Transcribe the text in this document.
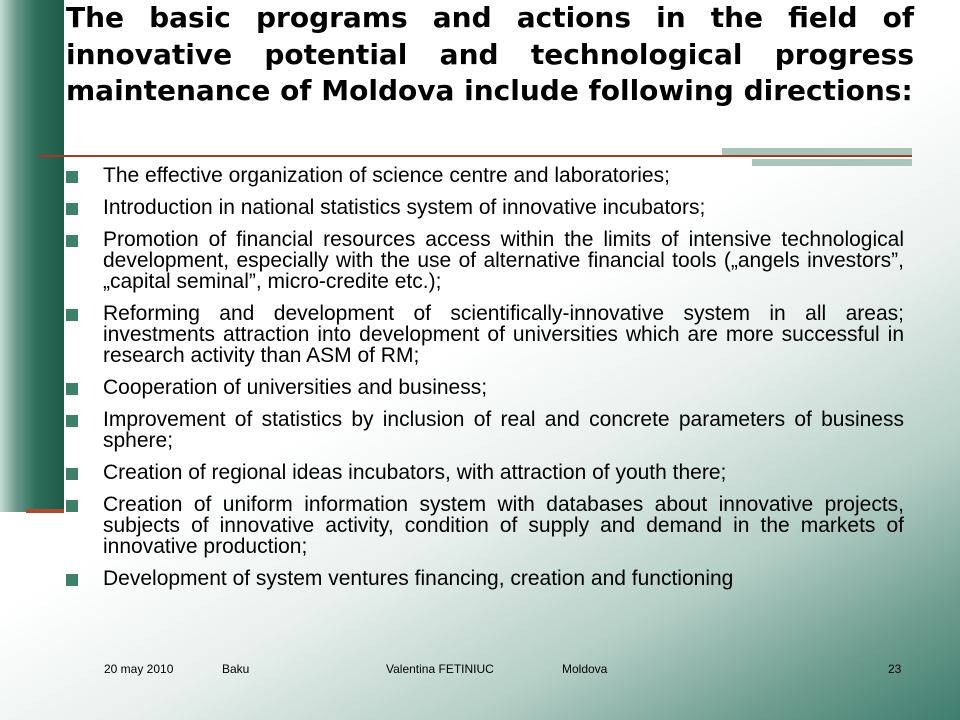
The basic programs and actions in the field of innovative potential and technological progress maintenance of Moldova include following directions:
The effective organization of science centre and laboratories;
Introduction in national statistics system of innovative incubators;
Promotion of financial resources access within the limits of intensive technological development, especially with the use of alternative financial tools („angels investors”, „capital seminal”, micro-credite etc.);
Reforming and development of scientifically-innovative system in all areas; investments attraction into development of universities which are more successful in research activity than ASM of RM;
Cooperation of universities and business;
Improvement of statistics by inclusion of real and concrete parameters of business sphere;
Creation of regional ideas incubators, with attraction of youth there;
Creation of uniform information system with databases about innovative projects, subjects of innovative activity, condition of supply and demand in the markets of innovative production;
Development of system ventures financing, creation and functioning
20 may 2010	Baku	Valentina FETINIUC	Moldova	23
